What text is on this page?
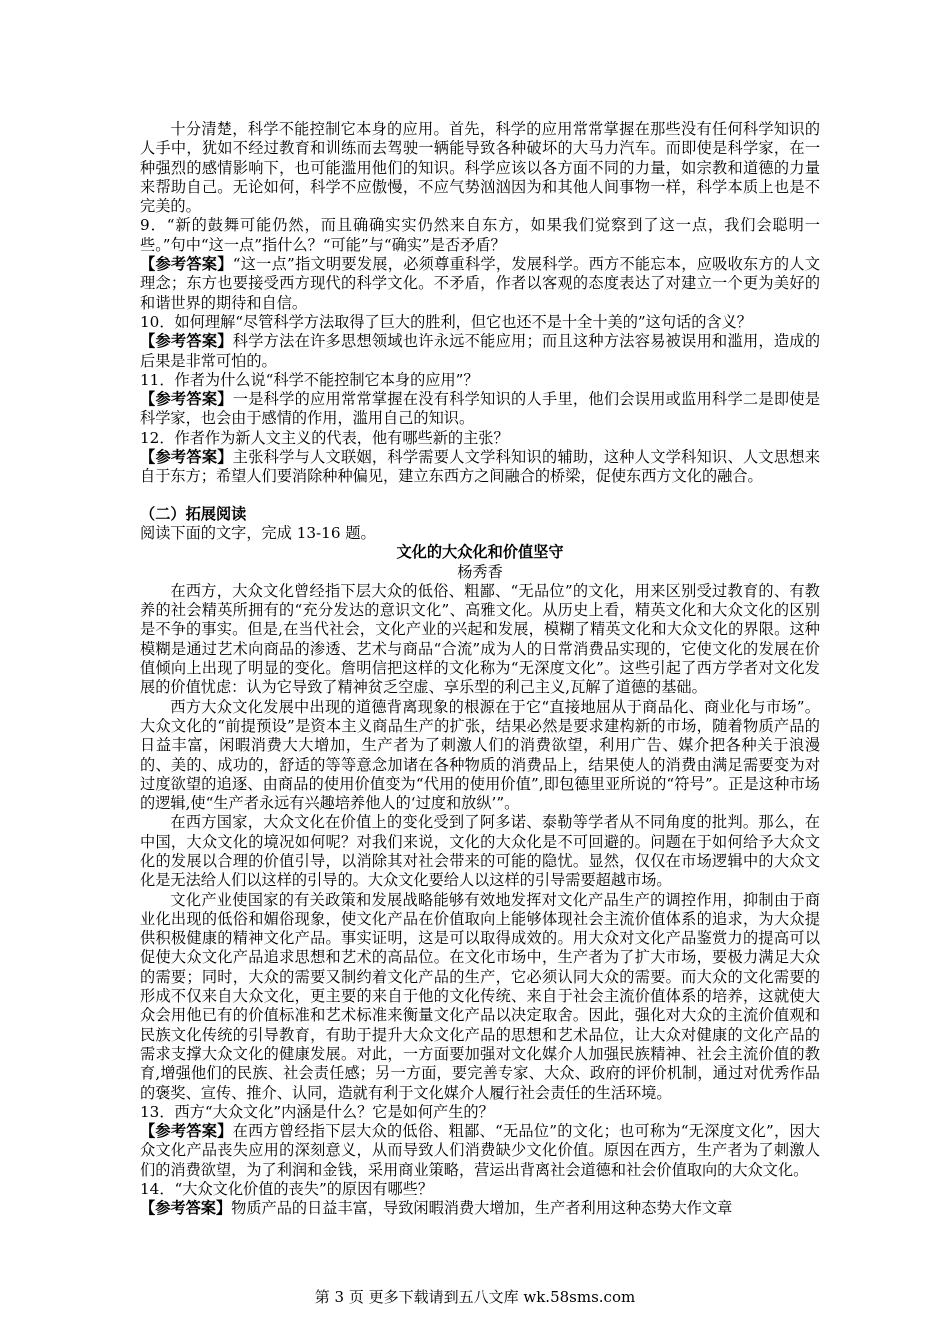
十分清楚，科学不能控制它本身的应用。首先，科学的应用常常掌握在那些没有任何科学知识的人手中，犹如不经过教育和训练而去驾驶一辆能导致各种破坏的大马力汽车。而即使是科学家，在一种强烈的感情影响下，也可能滥用他们的知识。科学应该以各方面不同的力量，如宗教和道德的力量来帮助自己。无论如何，科学不应傲慢，不应气势汹汹因为和其他人间事物一样，科学本质上也是不完美的。

9．“新的鼓舞可能仍然，而且确确实实仍然来自东方，如果我们觉察到了这一点，我们会聪明一些。”句中“这一点”指什么？“可能”与“确实”是否矛盾？

【参考答案】“这一点”指文明要发展，必须尊重科学，发展科学。西方不能忘本，应吸收东方的人文理念；东方也要接受西方现代的科学文化。不矛盾，作者以客观的态度表达了对建立一个更为美好的和谐世界的期待和自信。

10．如何理解“尽管科学方法取得了巨大的胜利，但它也还不是十全十美的”这句话的含义？

【参考答案】科学方法在许多思想领域也许永远不能应用；而且这种方法容易被误用和滥用，造成的后果是非常可怕的。

11．作者为什么说“科学不能控制它本身的应用”？

【参考答案】一是科学的应用常常掌握在没有科学知识的人手里，他们会误用或监用科学二是即使是科学家，也会由于感情的作用，滥用自己的知识。

12．作者作为新人文主义的代表，他有哪些新的主张？

【参考答案】主张科学与人文联姻，科学需要人文学科知识的辅助，这种人文学科知识、人文思想来自于东方；希望人们要消除种种偏见，建立东西方之间融合的桥梁，促使东西方文化的融合。

（二）拓展阅读

阅读下面的文字，完成 13-16 题。

文化的大众化和价值坚守

杨秀香

在西方，大众文化曾经指下层大众的低俗、粗鄙、“无品位”的文化，用来区别受过教育的、有教养的社会精英所拥有的“充分发达的意识文化”、高雅文化。从历史上看，精英文化和大众文化的区别是不争的事实。但是,在当代社会，文化产业的兴起和发展，模糊了精英文化和大众文化的界限。这种模糊是通过艺术向商品的渗透、艺术与商品“合流”成为人的日常消费品实现的，它使文化的发展在价值倾向上出现了明显的变化。詹明信把这样的文化称为“无深度文化”。这些引起了西方学者对文化发展的价值忧虑：认为它导致了精神贫乏空虚、享乐型的利己主义,瓦解了道德的基础。

西方大众文化发展中出现的道德背离现象的根源在于它“直接地屈从于商品化、商业化与市场”。大众文化的“前提预设”是资本主义商品生产的扩张，结果必然是要求建构新的市场，随着物质产品的日益丰富，闲暇消费大大增加，生产者为了刺激人们的消费欲望，利用广告、媒介把各种关于浪漫的、美的、成功的，舒适的等等意念加诸在各种物质的消费品上，结果使人的消费由满足需要变为对过度欲望的追逐、由商品的使用价值变为“代用的使用价值”,即包德里亚所说的“符号”。正是这种市场的逻辑,使“生产者永远有兴趣培养他人的‘过度和放纵’”。

在西方国家，大众文化在价值上的变化受到了阿多诺、泰勒等学者从不同角度的批判。那么，在中国，大众文化的境况如何呢？对我们来说，文化的大众化是不可回避的。问题在于如何给予大众文化的发展以合理的价值引导，以消除其对社会带来的可能的隐忧。显然，仅仅在市场逻辑中的大众文化是无法给人们以这样的引导的。大众文化要给人以这样的引导需要超越市场。

文化产业使国家的有关政策和发展战略能够有效地发挥对文化产品生产的调控作用，抑制由于商业化出现的低俗和媚俗现象，使文化产品在价值取向上能够体现社会主流价值体系的追求，为大众提供积极健康的精神文化产品。事实证明，这是可以取得成效的。用大众对文化产品鉴赏力的提高可以促使大众文化产品追求思想和艺术的高品位。在文化市场中，生产者为了扩大市场，要极力满足大众的需要；同时，大众的需要又制约着文化产品的生产，它必须认同大众的需要。而大众的文化需要的形成不仅来自大众文化，更主要的来自于他的文化传统、来自于社会主流价值体系的培养，这就使大众会用他已有的价值标准和艺术标准来衡量文化产品以决定取舍。因此，强化对大众的主流价值观和民族文化传统的引导教育，有助于提升大众文化产品的思想和艺术品位，让大众对健康的文化产品的需求支撑大众文化的健康发展。对此，一方面要加强对文化媒介人加强民族精神、社会主流价值的教育,增强他们的民族、社会责任感；另一方面，要完善专家、大众、政府的评价机制，通过对优秀作品的褒奖、宣传、推介、认同，造就有利于文化媒介人履行社会责任的生活环境。

13．西方“大众文化”内涵是什么？它是如何产生的？

【参考答案】在西方曾经指下层大众的低俗、粗鄙、“无品位”的文化；也可称为“无深度文化”，因大众文化产品丧失应用的深刻意义，从而导致人们消费缺少文化价值。原因在西方，生产者为了刺激人们的消费欲望，为了利润和金钱，采用商业策略，营运出背离社会道德和社会价值取向的大众文化。

14．“大众文化价值的丧失”的原因有哪些？

【参考答案】物质产品的日益丰富，导致闲暇消费大增加，生产者利用这种态势大作文章

第 3 页 更多下载请到五八文库 wk.58sms.com
